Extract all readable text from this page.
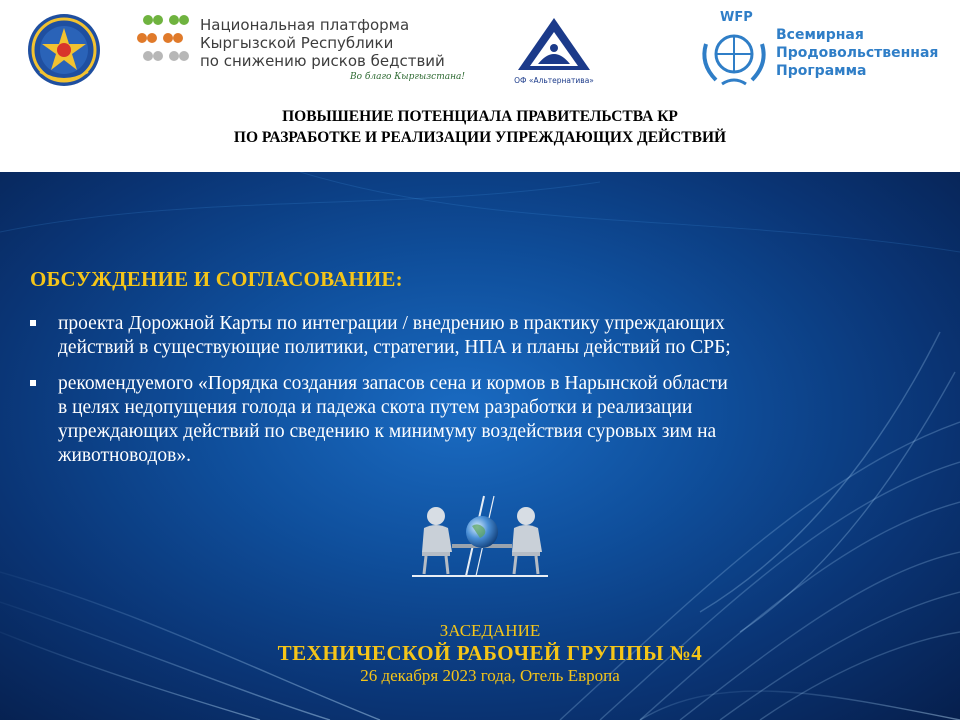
Национальная платформа
Кыргызской Республики
по снижению рисков бедствий
Во благо Кыргызстана!	ОФ «Альтернатива»
WFP
Всемирная
Продовольственная
Программа
ПОВЫШЕНИЕ ПОТЕНЦИАЛА ПРАВИТЕЛЬСТВА КР
ПО РАЗРАБОТКЕ И РЕАЛИЗАЦИИ УПРЕЖДАЮЩИХ ДЕЙСТВИЙ
ОБСУЖДЕНИЕ И СОГЛАСОВАНИЕ:
проекта Дорожной Карты по интеграции / внедрению в практику упреждающих
действий в существующие политики, стратегии, НПА и планы действий по СРБ;
рекомендуемого «Порядка создания запасов сена и кормов в Нарынской области
в целях недопущения голода и падежа скота путем разработки и реализации
упреждающих действий по сведению к минимуму воздействия суровых зим на
животноводов».
ЗАСЕДАНИЕ
ТЕХНИЧЕСКОЙ РАБОЧЕЙ ГРУППЫ №4
26 декабря 2023 года, Отель Европа
